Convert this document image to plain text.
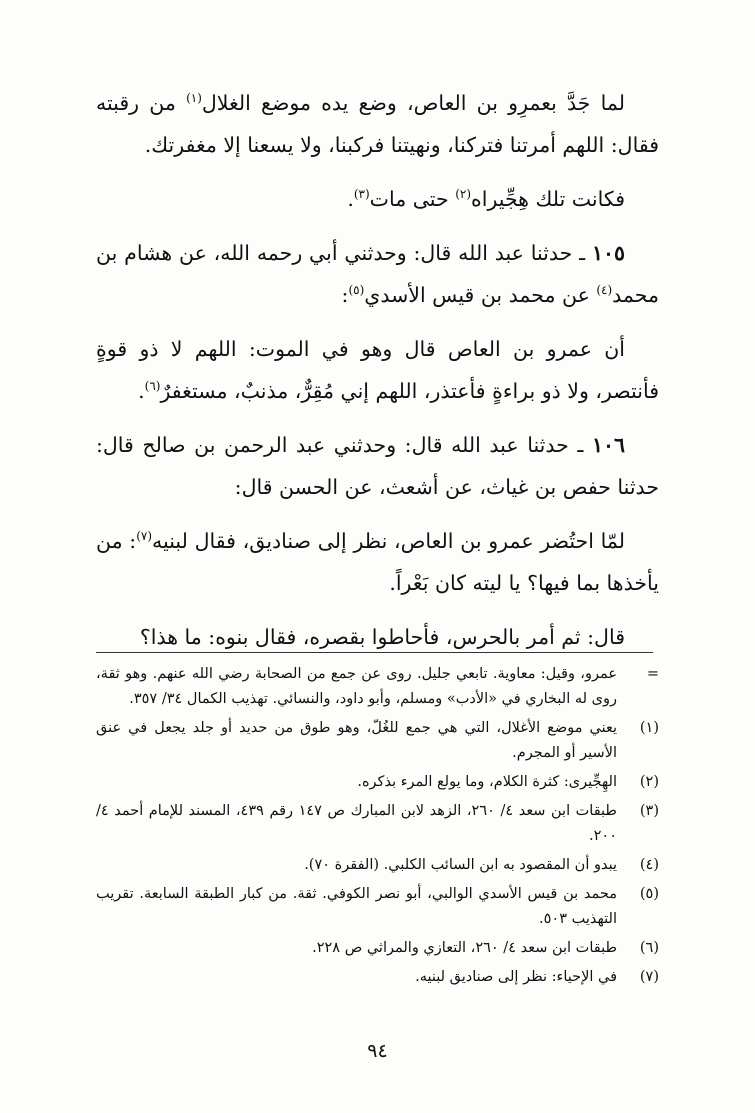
لما جَدَّ بعمرِو بن العاص، وضع يده موضع الغلال$^{(١)}$ من رقبته فقال: اللهم أمرتنا فتركنا، ونهيتنا فركبنا، ولا يسعنا إلا مغفرتك.

فكانت تلك هِجِّيراه$^{(٢)}$ حتى مات$^{(٣)}$.

١٠٥ ـ حدثنا عبد الله قال: وحدثني أبي رحمه الله، عن هشام بن محمد$^{(٤)}$ عن محمد بن قيس الأسدي$^{(٥)}$:

أن عمرو بن العاص قال وهو في الموت: اللهم لا ذو قوةٍ فأنتصر، ولا ذو براءةٍ فأعتذر، اللهم إني مُقِرٌّ، مذنبٌ، مستغفرٌ$^{(٦)}$.

١٠٦ ـ حدثنا عبد الله قال: وحدثني عبد الرحمن بن صالح قال: حدثنا حفص بن غياث، عن أشعث، عن الحسن قال:

لمّا احتُضر عمرو بن العاص، نظر إلى صناديق، فقال لبنيه$^{(٧)}$: من يأخذها بما فيها؟ يا ليته كان بَعْراً.

قال: ثم أمر بالحرس، فأحاطوا بقصره، فقال بنوه: ما هذا؟

=
عمرو، وقيل: معاوية. تابعي جليل. روى عن جمع من الصحابة رضي الله عنهم. وهو ثقة، روى له البخاري في «الأدب» ومسلم، وأبو داود، والنسائي. تهذيب الكمال ٣٤/ ٣٥٧.
(١)
يعني موضع الأغلال، التي هي جمع للغُلّ، وهو طوق من حديد أو جلد يجعل في عنق الأسير أو المجرم.
(٢)
الهِجِّيرى: كثرة الكلام، وما يولع المرء بذكره.
(٣)
طبقات ابن سعد ٤/ ٢٦٠، الزهد لابن المبارك ص ١٤٧ رقم ٤٣٩، المسند للإمام أحمد ٤/ ٢٠٠.
(٤)
يبدو أن المقصود به ابن السائب الكلبي. (الفقرة ٧٠).
(٥)
محمد بن قيس الأسدي الوالبي، أبو نصر الكوفي. ثقة. من كبار الطبقة السابعة. تقريب التهذيب ٥٠٣.
(٦)
طبقات ابن سعد ٤/ ٢٦٠، التعازي والمراثي ص ٢٢٨.
(٧)
في الإحياء: نظر إلى صناديق لبنيه.
٩٤
